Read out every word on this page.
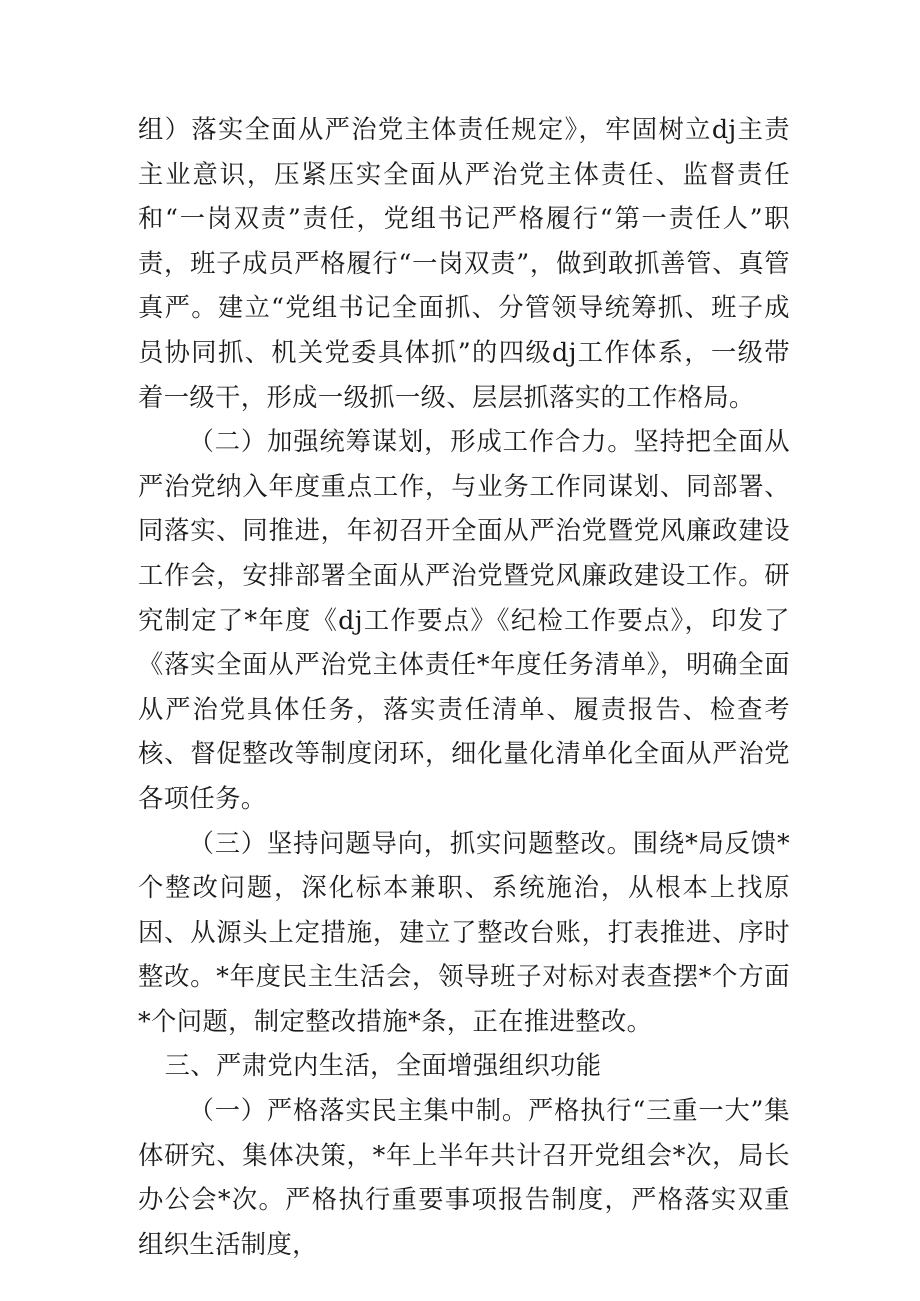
组）落实全面从严治党主体责任规定》，牢固树立dj主责主业意识，压紧压实全面从严治党主体责任、监督责任和“一岗双责”责任，党组书记严格履行“第一责任人”职责，班子成员严格履行“一岗双责”，做到敢抓善管、真管真严。建立“党组书记全面抓、分管领导统筹抓、班子成员协同抓、机关党委具体抓”的四级dj工作体系，一级带着一级干，形成一级抓一级、层层抓落实的工作格局。

（二）加强统筹谋划，形成工作合力。坚持把全面从严治党纳入年度重点工作，与业务工作同谋划、同部署、同落实、同推进，年初召开全面从严治党暨党风廉政建设工作会，安排部署全面从严治党暨党风廉政建设工作。研究制定了*年度《dj工作要点》《纪检工作要点》，印发了《落实全面从严治党主体责任*年度任务清单》，明确全面从严治党具体任务，落实责任清单、履责报告、检查考核、督促整改等制度闭环，细化量化清单化全面从严治党各项任务。

（三）坚持问题导向，抓实问题整改。围绕*局反馈*个整改问题，深化标本兼职、系统施治，从根本上找原因、从源头上定措施，建立了整改台账，打表推进、序时整改。*年度民主生活会，领导班子对标对表查摆*个方面*个问题，制定整改措施*条，正在推进整改。

三、严肃党内生活，全面增强组织功能

（一）严格落实民主集中制。严格执行“三重一大”集体研究、集体决策，*年上半年共计召开党组会*次，局长办公会*次。严格执行重要事项报告制度，严格落实双重组织生活制度，
